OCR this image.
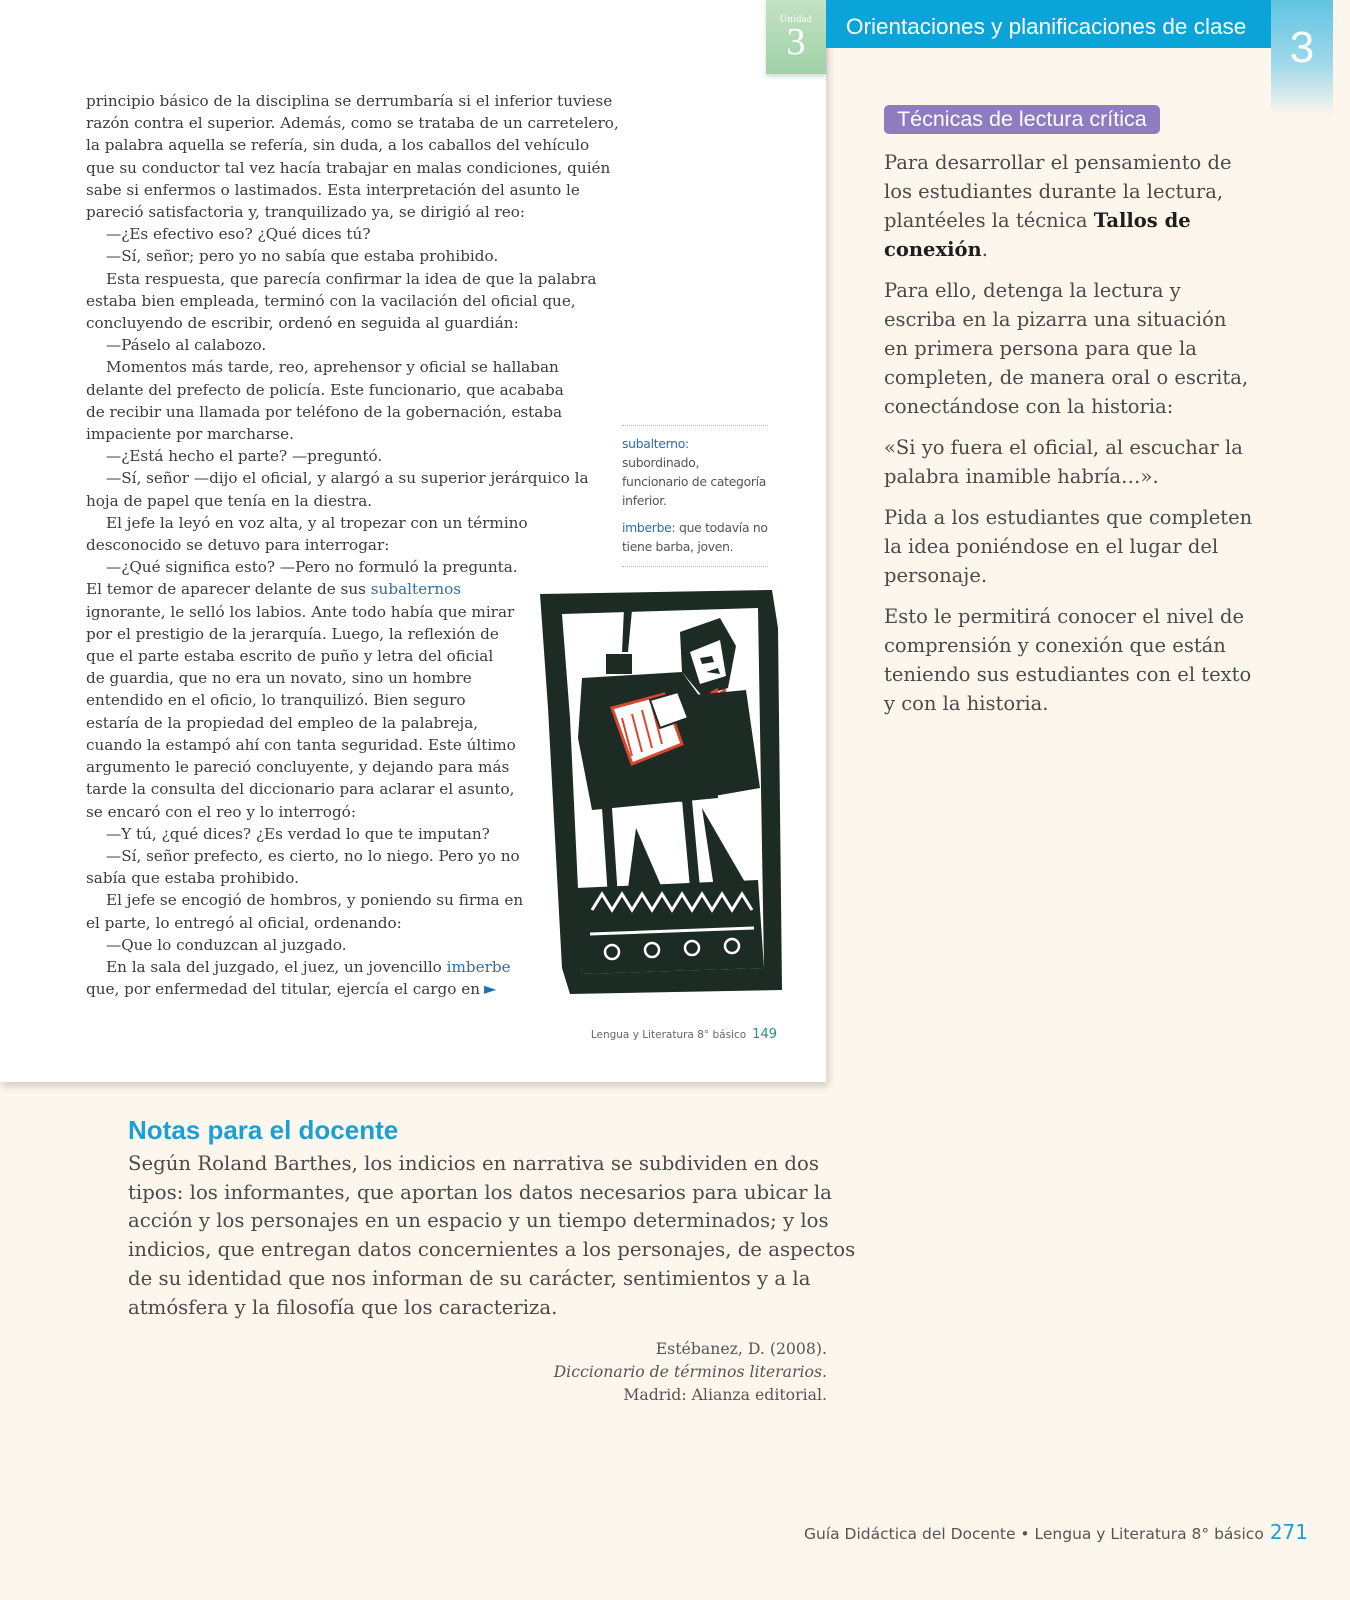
Unidad
3

principio básico de la disciplina se derrumbaría si el inferior tuviese

razón contra el superior. Además, como se trataba de un carretelero,

la palabra aquella se refería, sin duda, a los caballos del vehículo

que su conductor tal vez hacía trabajar en malas condiciones, quién

sabe si enfermos o lastimados. Esta interpretación del asunto le

pareció satisfactoria y, tranquilizado ya, se dirigió al reo:

—¿Es efectivo eso? ¿Qué dices tú?

—Sí, señor; pero yo no sabía que estaba prohibido.

Esta respuesta, que parecía confirmar la idea de que la palabra

estaba bien empleada, terminó con la vacilación del oficial que,

concluyendo de escribir, ordenó en seguida al guardián:

—Páselo al calabozo.

Momentos más tarde, reo, aprehensor y oficial se hallaban

delante del prefecto de policía. Este funcionario, que acababa

de recibir una llamada por teléfono de la gobernación, estaba

impaciente por marcharse.

—¿Está hecho el parte? —preguntó.

—Sí, señor —dijo el oficial, y alargó a su superior jerárquico la

hoja de papel que tenía en la diestra.

El jefe la leyó en voz alta, y al tropezar con un término

desconocido se detuvo para interrogar:

—¿Qué significa esto? —Pero no formuló la pregunta.

El temor de aparecer delante de sus subalternos

ignorante, le selló los labios. Ante todo había que mirar

por el prestigio de la jerarquía. Luego, la reflexión de

que el parte estaba escrito de puño y letra del oficial

de guardia, que no era un novato, sino un hombre

entendido en el oficio, lo tranquilizó. Bien seguro

estaría de la propiedad del empleo de la palabreja,

cuando la estampó ahí con tanta seguridad. Este último

argumento le pareció concluyente, y dejando para más

tarde la consulta del diccionario para aclarar el asunto,

se encaró con el reo y lo interrogó:

—Y tú, ¿qué dices? ¿Es verdad lo que te imputan?

—Sí, señor prefecto, es cierto, no lo niego. Pero yo no

sabía que estaba prohibido.

El jefe se encogió de hombros, y poniendo su firma en

el parte, lo entregó al oficial, ordenando:

—Que lo conduzcan al juzgado.

En la sala del juzgado, el juez, un jovencillo imberbe

que, por enfermedad del titular, ejercía el cargo en ►

subalterno: subordinado, funcionario de categoría inferior.

imberbe: que todavía no tiene barba, joven.

Lengua y Literatura 8° básico 149
Orientaciones y planificaciones de clase 3
Técnicas de lectura crítica

Para desarrollar el pensamiento de
los estudiantes durante la lectura,
plantéeles la técnica Tallos de
conexión.

Para ello, detenga la lectura y
escriba en la pizarra una situación
en primera persona para que la
completen, de manera oral o escrita,
conectándose con la historia:

«Si yo fuera el oficial, al escuchar la
palabra inamible habría…».

Pida a los estudiantes que completen
la idea poniéndose en el lugar del
personaje.

Esto le permitirá conocer el nivel de
comprensión y conexión que están
teniendo sus estudiantes con el texto
y con la historia.

Notas para el docente

Según Roland Barthes, los indicios en narrativa se subdividen en dos
tipos: los informantes, que aportan los datos necesarios para ubicar la
acción y los personajes en un espacio y un tiempo determinados; y los
indicios, que entregan datos concernientes a los personajes, de aspectos
de su identidad que nos informan de su carácter, sentimientos y a la
atmósfera y la filosofía que los caracteriza.

Estébanez, D. (2008).
Diccionario de términos literarios.
Madrid: Alianza editorial.
Guía Didáctica del Docente • Lengua y Literatura 8° básico 271
